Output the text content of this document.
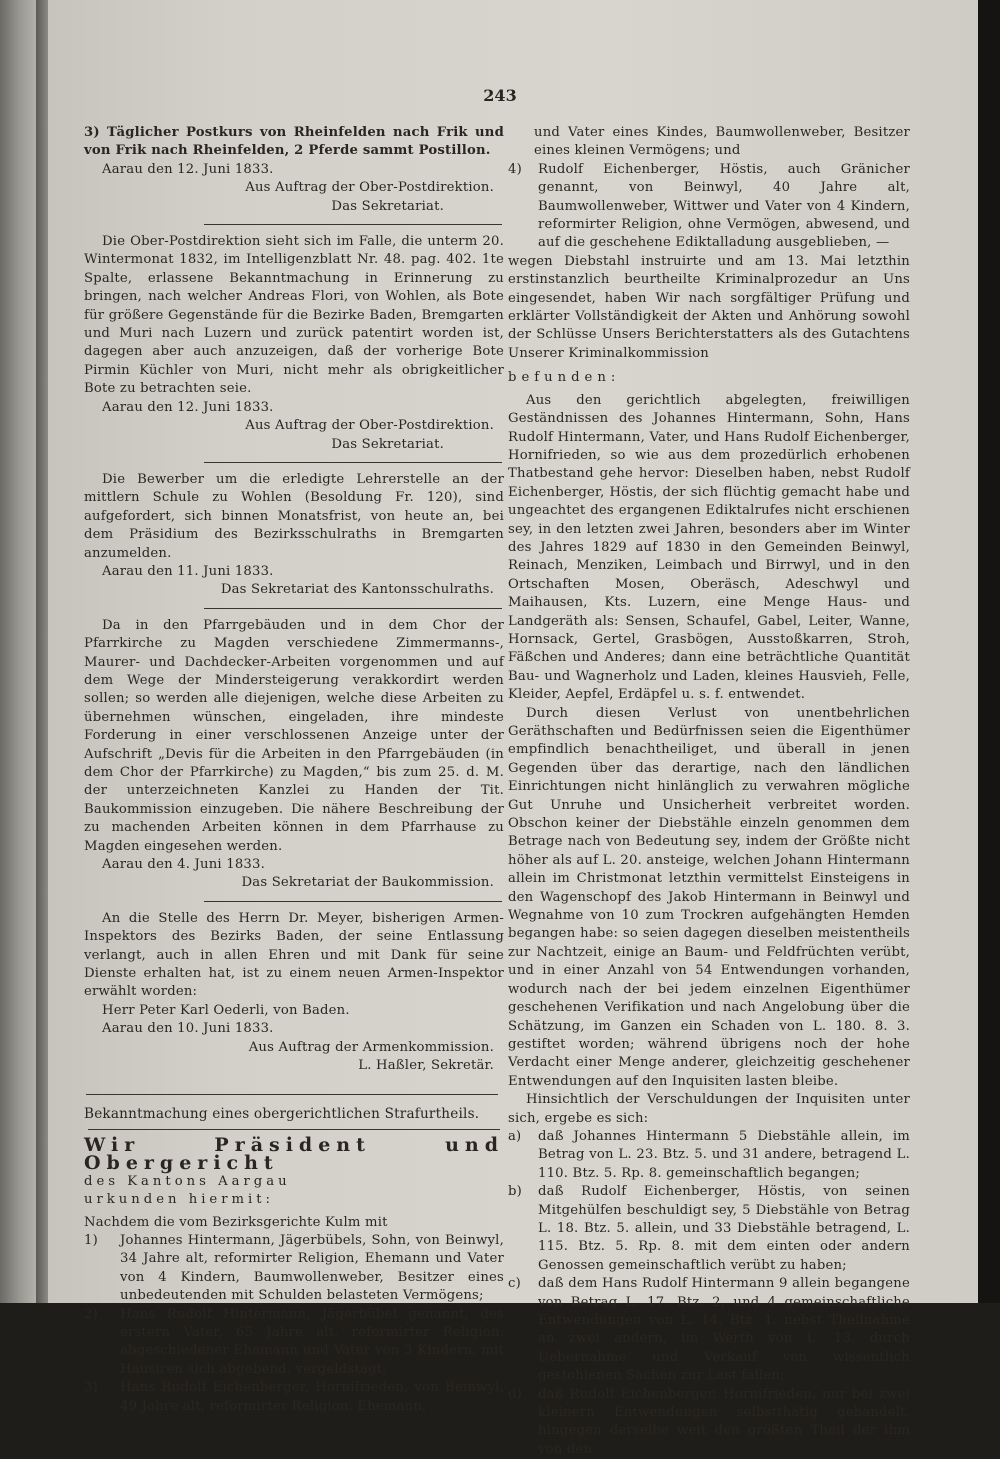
243

3) Täglicher Postkurs von Rheinfelden nach Frik und von Frik nach Rheinfelden, 2 Pferde sammt Postillon.

Aarau den 12. Juni 1833.

Aus Auftrag der Ober-Postdirektion.

Das Sekretariat.

Die Ober-Postdirektion sieht sich im Falle, die unterm 20. Wintermonat 1832, im Intelligenzblatt Nr. 48. pag. 402. 1te Spalte, erlassene Bekanntmachung in Erinnerung zu bringen, nach welcher Andreas Flori, von Wohlen, als Bote für größere Gegenstände für die Bezirke Baden, Bremgarten und Muri nach Luzern und zurück patentirt worden ist, dagegen aber auch anzuzeigen, daß der vorherige Bote Pirmin Küchler von Muri, nicht mehr als obrigkeitlicher Bote zu betrachten seie.

Aarau den 12. Juni 1833.

Aus Auftrag der Ober-Postdirektion.

Das Sekretariat.

Die Bewerber um die erledigte Lehrerstelle an der mittlern Schule zu Wohlen (Besoldung Fr. 120), sind aufgefordert, sich binnen Monatsfrist, von heute an, bei dem Präsidium des Bezirksschulraths in Bremgarten anzumelden.

Aarau den 11. Juni 1833.

Das Sekretariat des Kantonsschulraths.

Da in den Pfarrgebäuden und in dem Chor der Pfarrkirche zu Magden verschiedene Zimmermanns-, Maurer- und Dachdecker-Arbeiten vorgenommen und auf dem Wege der Mindersteigerung verakkordirt werden sollen; so werden alle diejenigen, welche diese Arbeiten zu übernehmen wünschen, eingeladen, ihre mindeste Forderung in einer verschlossenen Anzeige unter der Aufschrift „Devis für die Arbeiten in den Pfarrgebäuden (in dem Chor der Pfarrkirche) zu Magden,“ bis zum 25. d. M. der unterzeichneten Kanzlei zu Handen der Tit. Baukommission einzugeben. Die nähere Beschreibung der zu machenden Arbeiten können in dem Pfarrhause zu Magden eingesehen werden.

Aarau den 4. Juni 1833.

Das Sekretariat der Baukommission.

An die Stelle des Herrn Dr. Meyer, bisherigen Armen-Inspektors des Bezirks Baden, der seine Entlassung verlangt, auch in allen Ehren und mit Dank für seine Dienste erhalten hat, ist zu einem neuen Armen-Inspektor erwählt worden:

Herr Peter Karl Oederli, von Baden.

Aarau den 10. Juni 1833.

Aus Auftrag der Armenkommission.

L. Haßler, Sekretär.

Bekanntmachung eines obergerichtlichen Strafurtheils.

Wir Präsident und Obergericht

des Kantons Aargau

urkunden hiermit:

Nachdem die vom Bezirksgerichte Kulm mit

1) Johannes Hintermann, Jägerbübels, Sohn, von Beinwyl, 34 Jahre alt, reformirter Religion, Ehemann und Vater von 4 Kindern, Baumwollenweber, Besitzer eines unbedeutenden mit Schulden belasteten Vermögens;
2) Hans Rudolf Hintermann, Jägerbübel genannt, des erstern Vater, 65 Jahre alt, reformirter Religion, abgeschiedener Ehemann und Vater von 3 Kindern, mit Hausiren sich abgebend, vergeldstagt;
3) Hans Rudolf Eichenberger, Hornifrieden, von Beinwyl, 49 Jahre alt, reformirter Religion, Ehemann,

und Vater eines Kindes, Baumwollenweber, Besitzer eines kleinen Vermögens; und

4) Rudolf Eichenberger, Höstis, auch Gränicher genannt, von Beinwyl, 40 Jahre alt, Baumwollenweber, Wittwer und Vater von 4 Kindern, reformirter Religion, ohne Vermögen, abwesend, und auf die geschehene Ediktalladung ausgeblieben, —

wegen Diebstahl instruirte und am 13. Mai letzthin erstinstanzlich beurtheilte Kriminalprozedur an Uns eingesendet, haben Wir nach sorgfältiger Prüfung und erklärter Vollständigkeit der Akten und Anhörung sowohl der Schlüsse Unsers Berichterstatters als des Gutachtens Unserer Kriminalkommission

befunden:

Aus den gerichtlich abgelegten, freiwilligen Geständnissen des Johannes Hintermann, Sohn, Hans Rudolf Hintermann, Vater, und Hans Rudolf Eichenberger, Hornifrieden, so wie aus dem prozedürlich erhobenen Thatbestand gehe hervor: Dieselben haben, nebst Rudolf Eichenberger, Höstis, der sich flüchtig gemacht habe und ungeachtet des ergangenen Ediktalrufes nicht erschienen sey, in den letzten zwei Jahren, besonders aber im Winter des Jahres 1829 auf 1830 in den Gemeinden Beinwyl, Reinach, Menziken, Leimbach und Birrwyl, und in den Ortschaften Mosen, Oberäsch, Adeschwyl und Maihausen, Kts. Luzern, eine Menge Haus- und Landgeräth als: Sensen, Schaufel, Gabel, Leiter, Wanne, Hornsack, Gertel, Grasbögen, Ausstoßkarren, Stroh, Fäßchen und Anderes; dann eine beträchtliche Quantität Bau- und Wagnerholz und Laden, kleines Hausvieh, Felle, Kleider, Aepfel, Erdäpfel u. s. f. entwendet.

Durch diesen Verlust von unentbehrlichen Geräthschaften und Bedürfnissen seien die Eigenthümer empfindlich benachtheiliget, und überall in jenen Gegenden über das derartige, nach den ländlichen Einrichtungen nicht hinlänglich zu verwahren mögliche Gut Unruhe und Unsicherheit verbreitet worden. Obschon keiner der Diebstähle einzeln genommen dem Betrage nach von Bedeutung sey, indem der Größte nicht höher als auf L. 20. ansteige, welchen Johann Hintermann allein im Christmonat letzthin vermittelst Einsteigens in den Wagenschopf des Jakob Hintermann in Beinwyl und Wegnahme von 10 zum Trockren aufgehängten Hemden begangen habe: so seien dagegen dieselben meistentheils zur Nachtzeit, einige an Baum- und Feldfrüchten verübt, und in einer Anzahl von 54 Entwendungen vorhanden, wodurch nach der bei jedem einzelnen Eigenthümer geschehenen Verifikation und nach Angelobung über die Schätzung, im Ganzen ein Schaden von L. 180. 8. 3. gestiftet worden; während übrigens noch der hohe Verdacht einer Menge anderer, gleichzeitig geschehener Entwendungen auf den Inquisiten lasten bleibe.

Hinsichtlich der Verschuldungen der Inquisiten unter sich, ergebe es sich:

a) daß Johannes Hintermann 5 Diebstähle allein, im Betrag von L. 23. Btz. 5. und 31 andere, betragend L. 110. Btz. 5. Rp. 8. gemeinschaftlich begangen;
b) daß Rudolf Eichenberger, Höstis, von seinen Mitgehülfen beschuldigt sey, 5 Diebstähle von Betrag L. 18. Btz. 5. allein, und 33 Diebstähle betragend, L. 115. Btz. 5. Rp. 8. mit dem einten oder andern Genossen gemeinschaftlich verübt zu haben;
c) daß dem Hans Rudolf Hintermann 9 allein begangene von Betrag L. 17. Btz. 2, und 4 gemeinschaftliche Entwendungen von L. 14. Btz. 1. nebst Theilnahme an zwei andern, im Werth von L. 13. durch Uebernahme und Verkauf von wissentlich gestohlenen Sachen zur Last fallen;
d) daß Rudolf Eichenberger, Hornifrieden, nur bei zwei kleinern Entwendungen selbstthätig gehandelt, hingegen derselbe weit den größten Theil der ihm von den
